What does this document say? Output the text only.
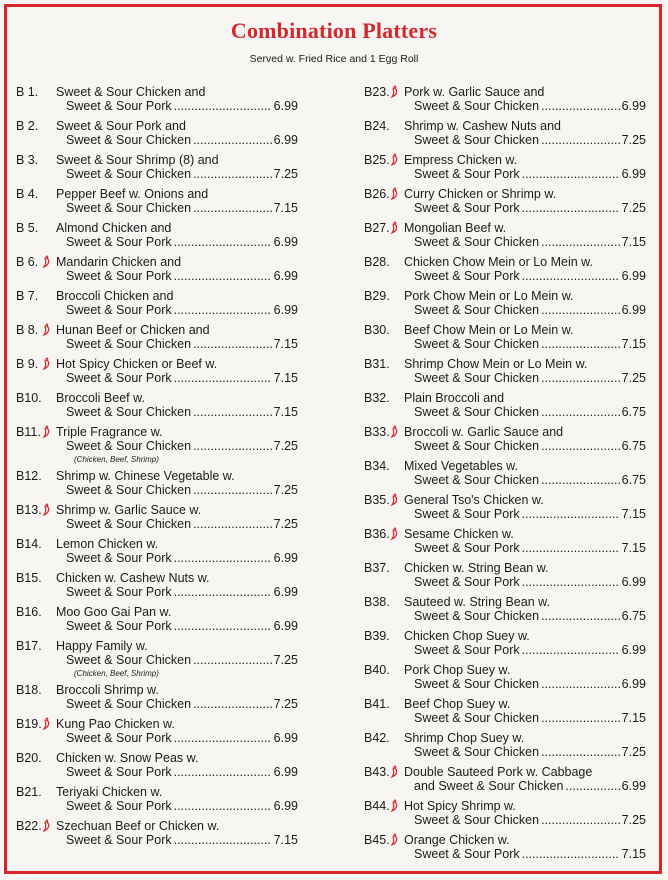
Combination Platters
Served w. Fried Rice and 1 Egg Roll
B 1.	Sweet & Sour Chicken and
Sweet & Sour Pork .....	6.99
B 2.	Sweet & Sour Pork and
Sweet & Sour Chicken .....	6.99
B 3.	Sweet & Sour Shrimp (8) and
Sweet & Sour Chicken .....	7.25
B 4.	Pepper Beef w. Onions and
Sweet & Sour Chicken .....	7.15
B 5.	Almond Chicken and
Sweet & Sour Pork .....	6.99
B 6.	Mandarin Chicken and
Sweet & Sour Pork .....	6.99
B 7.	Broccoli Chicken and
Sweet & Sour Pork .....	6.99
B 8.	Hunan Beef or Chicken and
Sweet & Sour Chicken .....	7.15
B 9.	Hot Spicy Chicken or Beef w.
Sweet & Sour Pork .....	7.15
B10. Broccoli Beef w.
Sweet & Sour Chicken .....	7.15
B11. Triple Fragrance w.
Sweet & Sour Chicken .....	7.25
(Chicken, Beef, Shrimp)
B12. Shrimp w. Chinese Vegetable w.
Sweet & Sour Chicken .....	7.25
B13. Shrimp w. Garlic Sauce w.
Sweet & Sour Chicken .....	7.25
B14. Lemon Chicken w.
Sweet & Sour Pork .....	6.99
B15. Chicken w. Cashew Nuts w.
Sweet & Sour Pork .....	6.99
B16. Moo Goo Gai Pan w.
Sweet & Sour Pork .....	6.99
B17. Happy Family w.
Sweet & Sour Chicken .....	7.25
(Chicken, Beef, Shrimp)
B18. Broccoli Shrimp w.
Sweet & Sour Chicken .....	7.25
B19. Kung Pao Chicken w.
Sweet & Sour Pork .....	6.99
B20. Chicken w. Snow Peas w.
Sweet & Sour Pork .....	6.99
B21. Teriyaki Chicken w.
Sweet & Sour Pork .....	6.99
B22. Szechuan Beef or Chicken w.
Sweet & Sour Pork .....	7.15
B23. Pork w. Garlic Sauce and
Sweet & Sour Chicken .....	6.99
B24. Shrimp w. Cashew Nuts and
Sweet & Sour Chicken .....	7.25
B25. Empress Chicken w.
Sweet & Sour Pork .....	6.99
B26. Curry Chicken or Shrimp w.
Sweet & Sour Pork .....	7.25
B27. Mongolian Beef w.
Sweet & Sour Chicken .....	7.15
B28. Chicken Chow Mein or Lo Mein w.
Sweet & Sour Pork .....	6.99
B29. Pork Chow Mein or Lo Mein w.
Sweet & Sour Chicken .....	6.99
B30. Beef Chow Mein or Lo Mein w.
Sweet & Sour Chicken .....	7.15
B31. Shrimp Chow Mein or Lo Mein w.
Sweet & Sour Chicken .....	7.25
B32. Plain Broccoli and
Sweet & Sour Chicken .....	6.75
B33. Broccoli w. Garlic Sauce and
Sweet & Sour Chicken .....	6.75
B34. Mixed Vegetables w.
Sweet & Sour Chicken .....	6.75
B35. General Tso's Chicken w.
Sweet & Sour Pork .....	7.15
B36. Sesame Chicken w.
Sweet & Sour Pork .....	7.15
B37. Chicken w. String Bean w.
Sweet & Sour Pork .....	6.99
B38. Sauteed w. String Bean w.
Sweet & Sour Chicken .....	6.75
B39. Chicken Chop Suey w.
Sweet & Sour Pork .....	6.99
B40. Pork Chop Suey w.
Sweet & Sour Chicken .....	6.99
B41. Beef Chop Suey w.
Sweet & Sour Chicken .....	7.15
B42. Shrimp Chop Suey w.
Sweet & Sour Chicken .....	7.25
B43. Double Sauteed Pork w. Cabbage
and Sweet & Sour Chicken .....	6.99
B44. Hot Spicy Shrimp w.
Sweet & Sour Chicken .....	7.25
B45. Orange Chicken w.
Sweet & Sour Pork .....	7.15
